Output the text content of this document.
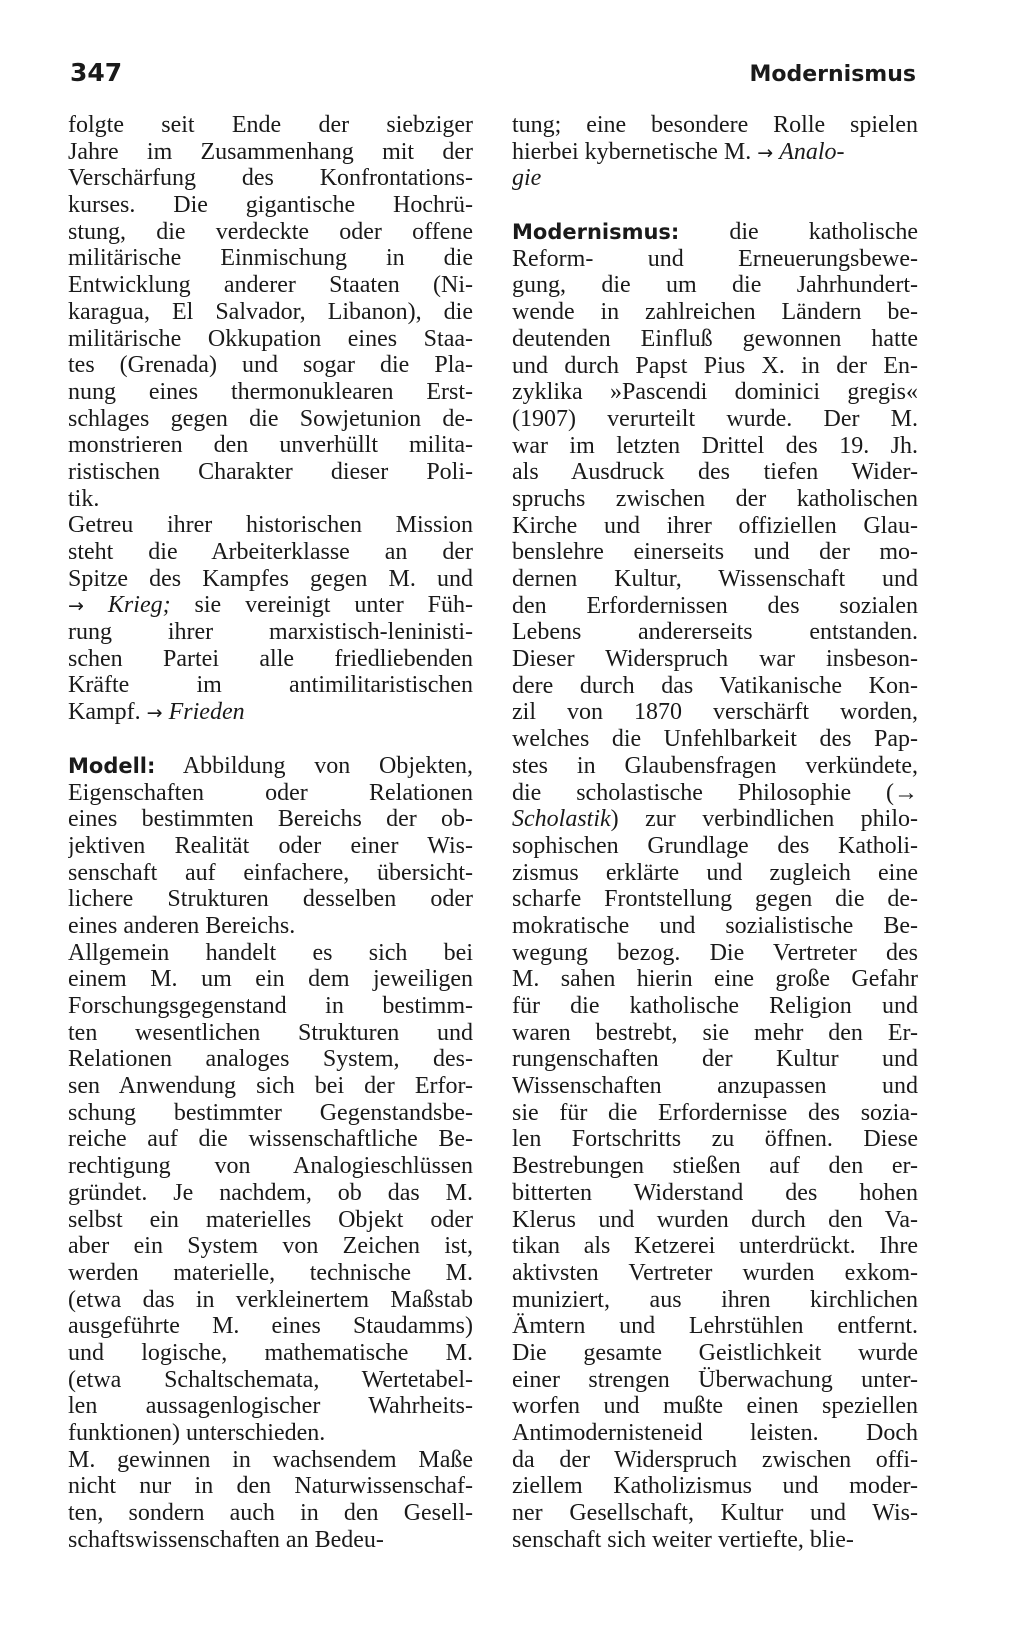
347	Modernismus
folgte seit Ende der siebziger
Jahre im Zusammenhang mit der
Verschärfung des Konfrontations-
kurses. Die gigantische Hochrü-
stung, die verdeckte oder offene
militärische Einmischung in die
Entwicklung anderer Staaten (Ni-
karagua, El Salvador, Libanon), die
militärische Okkupation eines Staa-
tes (Grenada) und sogar die Pla-
nung eines thermonuklearen Erst-
schlages gegen die Sowjetunion de-
monstrieren den unverhüllt milita-
ristischen Charakter dieser Poli-
tik.
Getreu ihrer historischen Mission
steht die Arbeiterklasse an der
Spitze des Kampfes gegen M. und
→ Krieg; sie vereinigt unter Füh-
rung ihrer marxistisch-leninisti-
schen Partei alle friedliebenden
Kräfte im antimilitaristischen
Kampf. → Frieden
Modell: Abbildung von Objekten,
Eigenschaften oder Relationen
eines bestimmten Bereichs der ob-
jektiven Realität oder einer Wis-
senschaft auf einfachere, übersicht-
lichere Strukturen desselben oder
eines anderen Bereichs.
Allgemein handelt es sich bei
einem M. um ein dem jeweiligen
Forschungsgegenstand in bestimm-
ten wesentlichen Strukturen und
Relationen analoges System, des-
sen Anwendung sich bei der Erfor-
schung bestimmter Gegenstandsbe-
reiche auf die wissenschaftliche Be-
rechtigung von Analogieschlüssen
gründet. Je nachdem, ob das M.
selbst ein materielles Objekt oder
aber ein System von Zeichen ist,
werden materielle, technische M.
(etwa das in verkleinertem Maßstab
ausgeführte M. eines Staudamms)
und logische, mathematische M.
(etwa Schaltschemata, Wertetabel-
len aussagenlogischer Wahrheits-
funktionen) unterschieden.
M. gewinnen in wachsendem Maße
nicht nur in den Naturwissenschaf-
ten, sondern auch in den Gesell-
schaftswissenschaften an Bedeu-
tung; eine besondere Rolle spielen
hierbei kybernetische M. → Analo-
gie
Modernismus: die katholische
Reform- und Erneuerungsbewe-
gung, die um die Jahrhundert-
wende in zahlreichen Ländern be-
deutenden Einfluß gewonnen hatte
und durch Papst Pius X. in der En-
zyklika »Pascendi dominici gregis«
(1907) verurteilt wurde. Der M.
war im letzten Drittel des 19. Jh.
als Ausdruck des tiefen Wider-
spruchs zwischen der katholischen
Kirche und ihrer offiziellen Glau-
benslehre einerseits und der mo-
dernen Kultur, Wissenschaft und
den Erfordernissen des sozialen
Lebens andererseits entstanden.
Dieser Widerspruch war insbeson-
dere durch das Vatikanische Kon-
zil von 1870 verschärft worden,
welches die Unfehlbarkeit des Pap-
stes in Glaubensfragen verkündete,
die scholastische Philosophie (→
Scholastik) zur verbindlichen philo-
sophischen Grundlage des Katholi-
zismus erklärte und zugleich eine
scharfe Frontstellung gegen die de-
mokratische und sozialistische Be-
wegung bezog. Die Vertreter des
M. sahen hierin eine große Gefahr
für die katholische Religion und
waren bestrebt, sie mehr den Er-
rungenschaften der Kultur und
Wissenschaften anzupassen und
sie für die Erfordernisse des sozia-
len Fortschritts zu öffnen. Diese
Bestrebungen stießen auf den er-
bitterten Widerstand des hohen
Klerus und wurden durch den Va-
tikan als Ketzerei unterdrückt. Ihre
aktivsten Vertreter wurden exkom-
muniziert, aus ihren kirchlichen
Ämtern und Lehrstühlen entfernt.
Die gesamte Geistlichkeit wurde
einer strengen Überwachung unter-
worfen und mußte einen speziellen
Antimodernisteneid leisten. Doch
da der Widerspruch zwischen offi-
ziellem Katholizismus und moder-
ner Gesellschaft, Kultur und Wis-
senschaft sich weiter vertiefte, blie-
